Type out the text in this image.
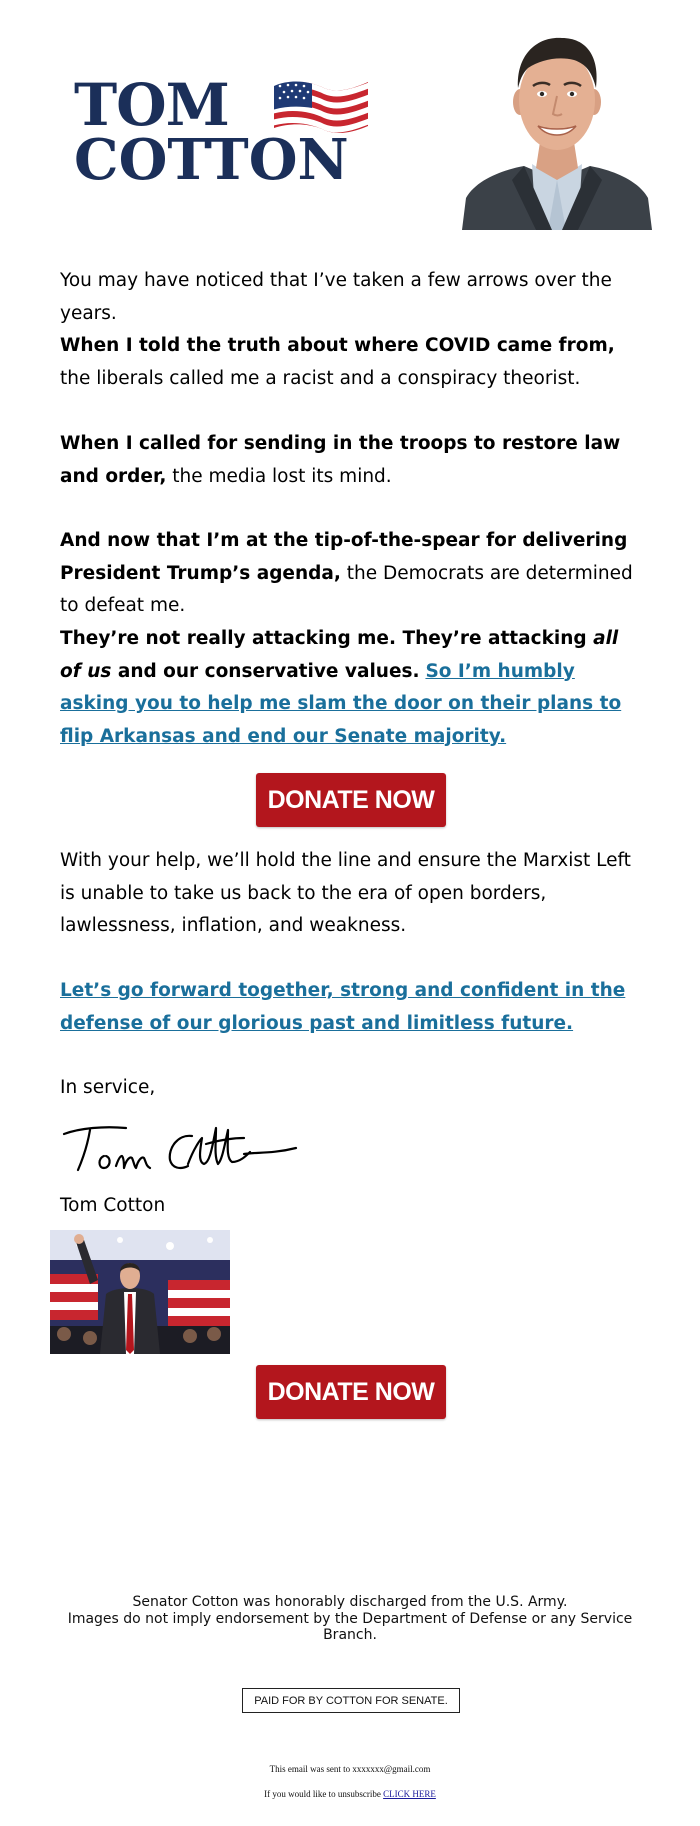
TOM
COTTON

You may have noticed that I’ve taken a few arrows over the years.

When I told the truth about where COVID came from, the liberals called me a racist and a conspiracy theorist.

When I called for sending in the troops to restore law and order, the media lost its mind.

And now that I’m at the tip-of-the-spear for delivering President Trump’s agenda, the Democrats are determined to defeat me.

They’re not really attacking me. They’re attacking all of us and our conservative values. So I’m humbly asking you to help me slam the door on their plans to flip Arkansas and end our Senate majority.

DONATE NOW

With your help, we’ll hold the line and ensure the Marxist Left is unable to take us back to the era of open borders, lawlessness, inflation, and weakness.

Let’s go forward together, strong and confident in the defense of our glorious past and limitless future.

In service,

Tom Cotton

DONATE NOW

Senator Cotton was honorably discharged from the U.S. Army.

Images do not imply endorsement by the Department of Defense or any Service Branch.

PAID FOR BY COTTON FOR SENATE.
This email was sent to xxxxxxx@gmail.com
If you would like to unsubscribe CLICK HERE
